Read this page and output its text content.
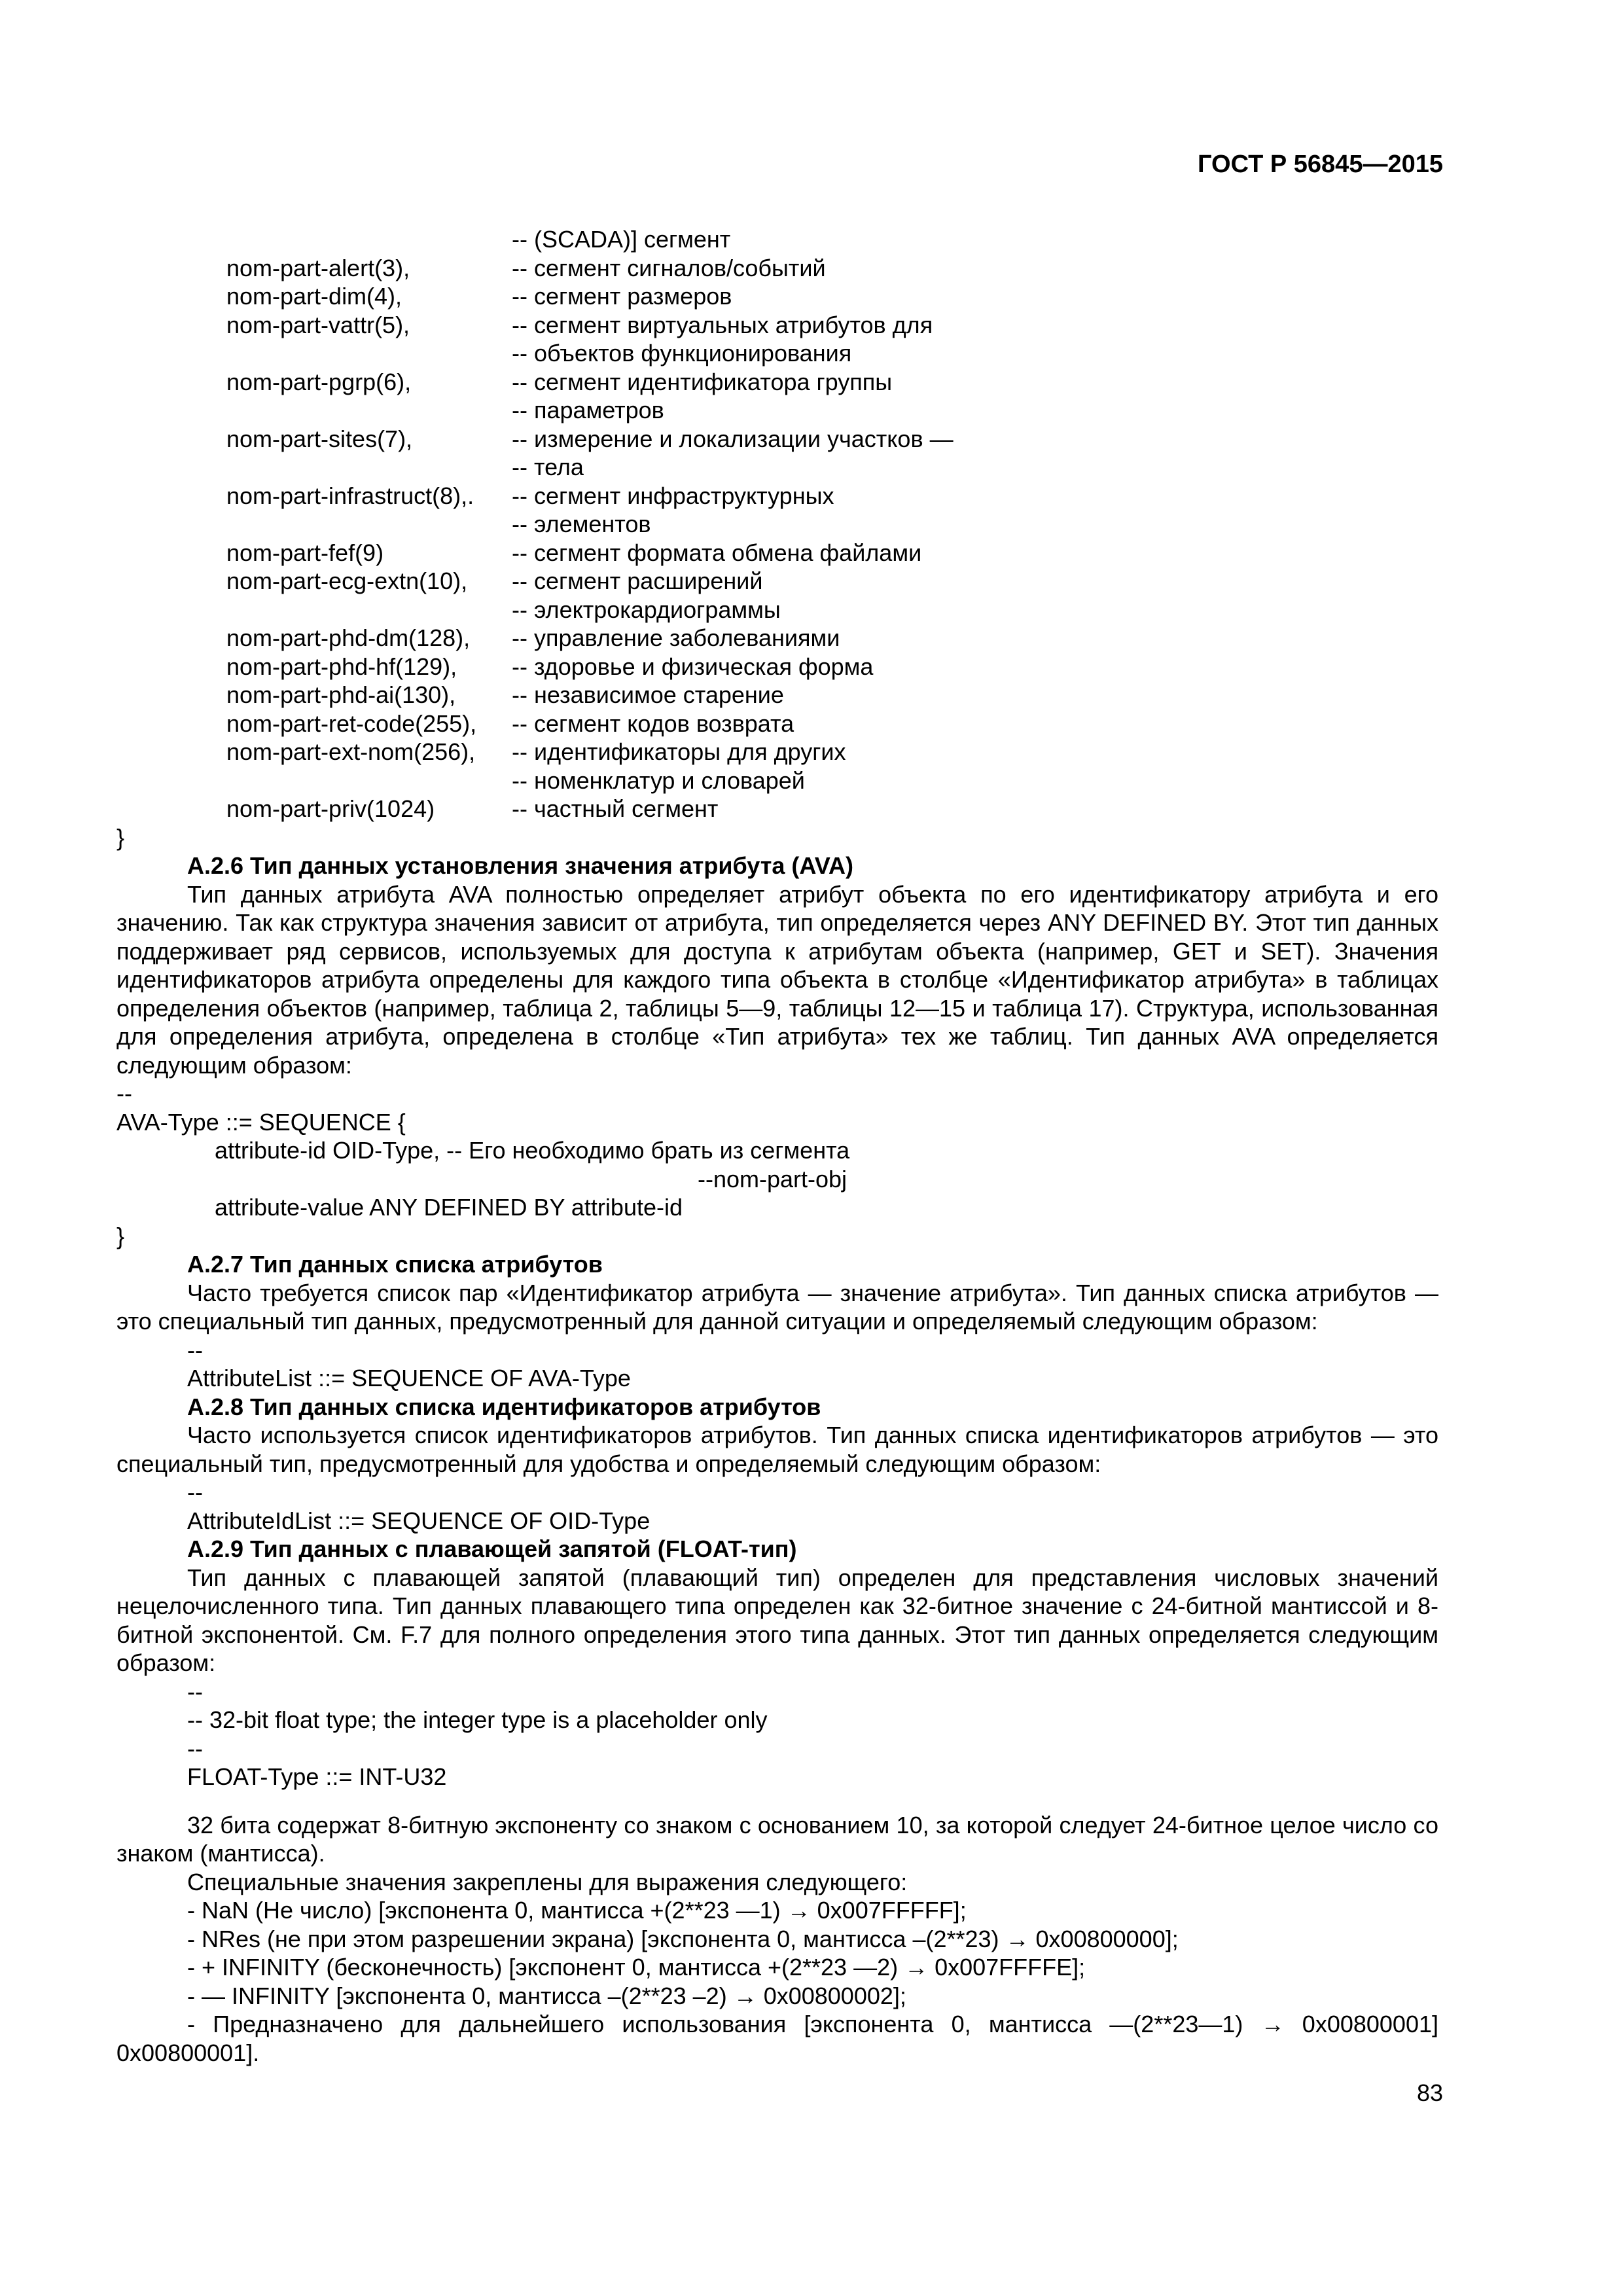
ГОСТ Р 56845—2015
-- (SCADA)] сегмент
nom-part-alert(3),	-- сегмент сигналов/событий
nom-part-dim(4),	-- сегмент размеров
nom-part-vattr(5),	-- сегмент виртуальных атрибутов для
-- объектов функционирования
nom-part-pgrp(6),	-- сегмент идентификатора группы
-- параметров
nom-part-sites(7),	-- измерение и локализации участков —
-- тела
nom-part-infrastruct(8),.	-- сегмент инфраструктурных
-- элементов
nom-part-fef(9)	-- сегмент формата обмена файлами
nom-part-ecg-extn(10),	-- сегмент расширений
-- электрокардиограммы
nom-part-phd-dm(128),	-- управление заболеваниями
nom-part-phd-hf(129),	-- здоровье и физическая форма
nom-part-phd-ai(130),	-- независимое старение
nom-part-ret-code(255),	-- сегмент кодов возврата
nom-part-ext-nom(256),	-- идентификаторы для других
-- номенклатур и словарей
nom-part-priv(1024)	-- частный сегмент

}

А.2.6 Тип данных установления значения атрибута (AVA)

Тип данных атрибута AVA полностью определяет атрибут объекта по его идентификатору атрибута и его значению. Так как структура значения зависит от атрибута, тип определяется через ANY DEFINED BY. Этот тип данных поддерживает ряд сервисов, используемых для доступа к атрибутам объекта (например, GET и SET). Значения идентификаторов атрибута определены для каждого типа объекта в столбце «Идентификатор атрибута» в таблицах определения объектов (например, таблица 2, таблицы 5—9, таблицы 12—15 и таблица 17). Структура, использованная для определения атрибута, определена в столбце «Тип атрибута» тех же таблиц. Тип данных AVA определяется следующим образом:

--

AVA-Type ::= SEQUENCE {

attribute-id OID-Type, -- Его необходимо брать из сегмента

--nom-part-obj

attribute-value ANY DEFINED BY attribute-id

}

А.2.7 Тип данных списка атрибутов

Часто требуется список пар «Идентификатор атрибута — значение атрибута». Тип данных списка атрибутов — это специальный тип данных, предусмотренный для данной ситуации и определяемый следующим образом:

--

AttributeList ::= SEQUENCE OF AVA-Type

А.2.8 Тип данных списка идентификаторов атрибутов

Часто используется список идентификаторов атрибутов. Тип данных списка идентификаторов атрибутов — это специальный тип, предусмотренный для удобства и определяемый следующим образом:

--

AttributeIdList ::= SEQUENCE OF OID-Type

А.2.9 Тип данных с плавающей запятой (FLOAT-тип)

Тип данных с плавающей запятой (плавающий тип) определен для представления числовых значений нецелочисленного типа. Тип данных плавающего типа определен как 32-битное значение с 24-битной мантиссой и 8-битной экспонентой. См. F.7 для полного определения этого типа данных. Этот тип данных определяется следующим образом:

--

-- 32-bit float type; the integer type is a placeholder only

--

FLOAT-Type ::= INT-U32

32 бита содержат 8-битную экспоненту со знаком с основанием 10, за которой следует 24-битное целое число со знаком (мантисса).

Специальные значения закреплены для выражения следующего:

- NaN (Не число) [экспонента 0, мантисса +(2**23 —1) → 0x007FFFFF];

- NRes (не при этом разрешении экрана) [экспонента 0, мантисса –(2**23) → 0x00800000];

- + INFINITY (бесконечность) [экспонент 0, мантисса +(2**23 —2) → 0x007FFFFE];

- — INFINITY [экспонента 0, мантисса –(2**23 –2) → 0x00800002];

- Предназначено для дальнейшего использования [экспонента 0, мантисса —(2**23—1) → 0x00800001] 0x00800001].

83
